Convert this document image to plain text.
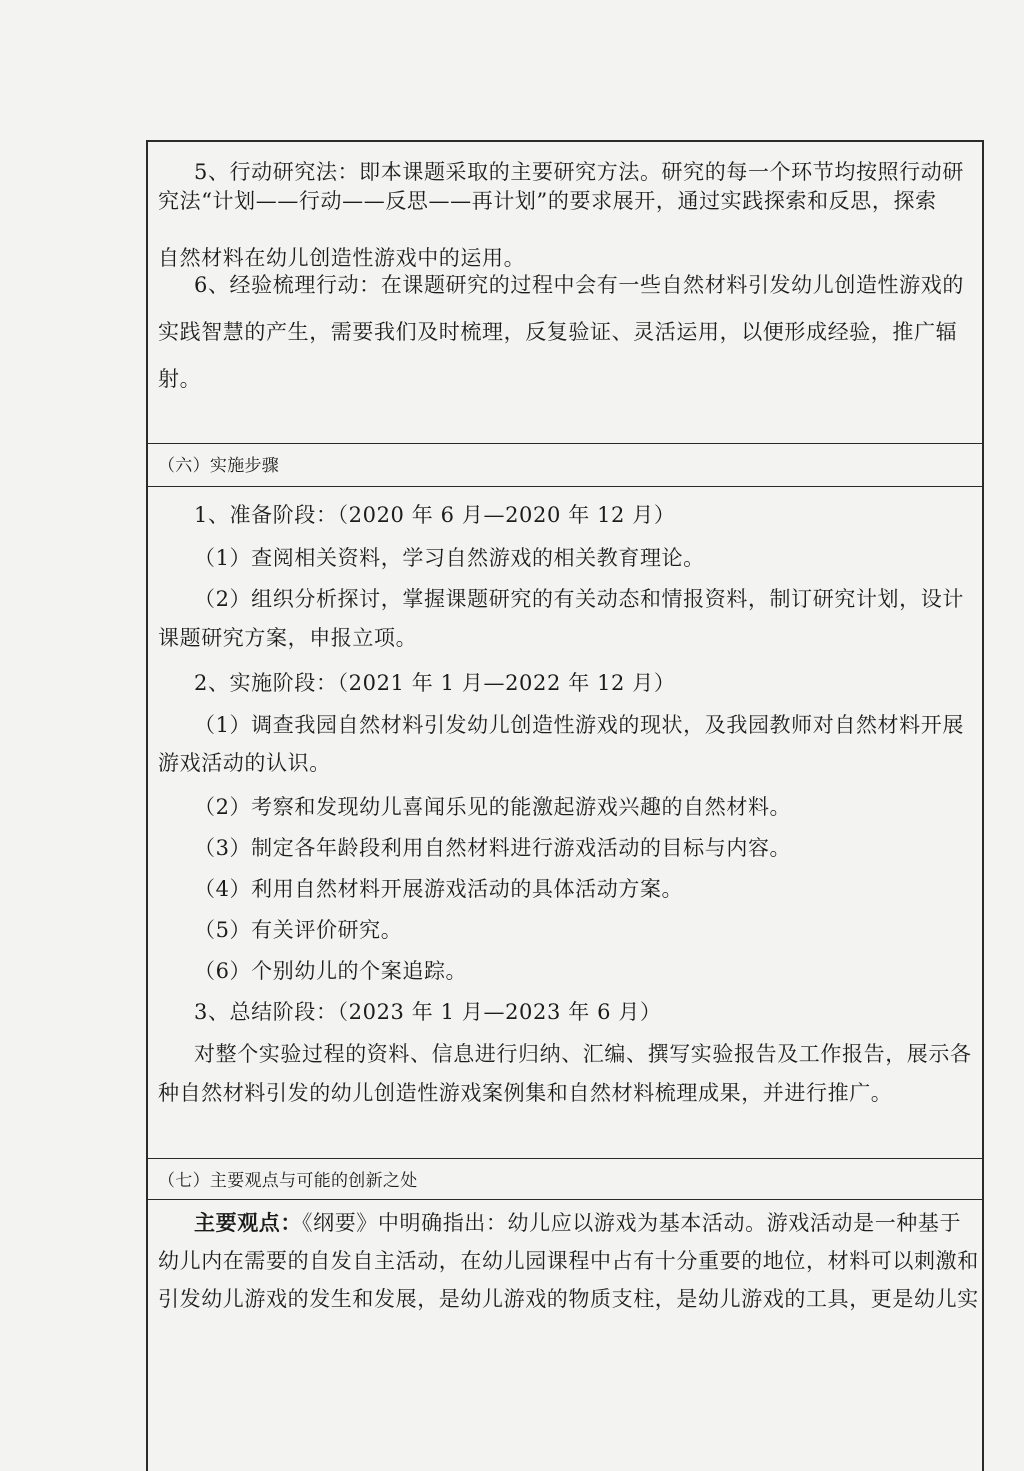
5、行动研究法：即本课题采取的主要研究方法。研究的每一个环节均按照行动研
究法“计划——行动——反思——再计划”的要求展开，通过实践探索和反思，探索
自然材料在幼儿创造性游戏中的运用。
6、经验梳理行动：在课题研究的过程中会有一些自然材料引发幼儿创造性游戏的
实践智慧的产生，需要我们及时梳理，反复验证、灵活运用，以便形成经验，推广辐
射。
（六）实施步骤
1、准备阶段：（2020 年 6 月—2020 年 12 月）
（1）查阅相关资料，学习自然游戏的相关教育理论。
（2）组织分析探讨，掌握课题研究的有关动态和情报资料，制订研究计划，设计
课题研究方案，申报立项。
2、实施阶段：（2021 年 1 月—2022 年 12 月）
（1）调查我园自然材料引发幼儿创造性游戏的现状，及我园教师对自然材料开展
游戏活动的认识。
（2）考察和发现幼儿喜闻乐见的能激起游戏兴趣的自然材料。
（3）制定各年龄段利用自然材料进行游戏活动的目标与内容。
（4）利用自然材料开展游戏活动的具体活动方案。
（5）有关评价研究。
（6）个别幼儿的个案追踪。
3、总结阶段：（2023 年 1 月—2023 年 6 月）
对整个实验过程的资料、信息进行归纳、汇编、撰写实验报告及工作报告，展示各
种自然材料引发的幼儿创造性游戏案例集和自然材料梳理成果，并进行推广。
（七）主要观点与可能的创新之处
主要观点：《纲要》中明确指出：幼儿应以游戏为基本活动。游戏活动是一种基于
幼儿内在需要的自发自主活动，在幼儿园课程中占有十分重要的地位，材料可以刺激和
引发幼儿游戏的发生和发展，是幼儿游戏的物质支柱，是幼儿游戏的工具，更是幼儿实
